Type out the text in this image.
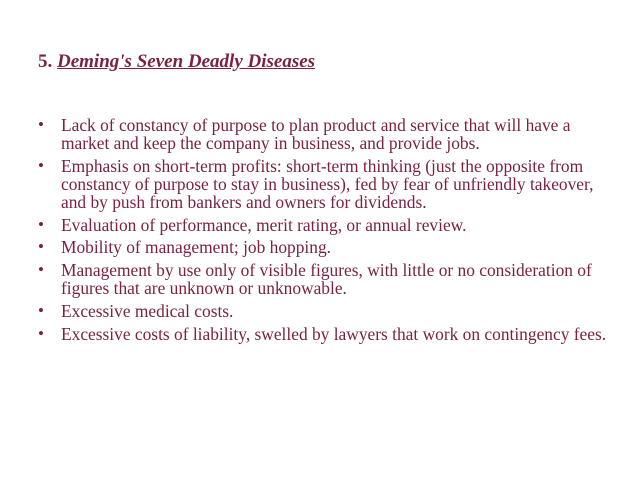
5. Deming's Seven Deadly Diseases
• Lack of constancy of purpose to plan product and service that will have a market and keep the company in business, and provide jobs.
• Emphasis on short-term profits: short-term thinking (just the opposite from constancy of purpose to stay in business), fed by fear of unfriendly takeover, and by push from bankers and owners for dividends.
• Evaluation of performance, merit rating, or annual review.
• Mobility of management; job hopping.
• Management by use only of visible figures, with little or no consideration of figures that are unknown or unknowable.
• Excessive medical costs.
• Excessive costs of liability, swelled by lawyers that work on contingency fees.
